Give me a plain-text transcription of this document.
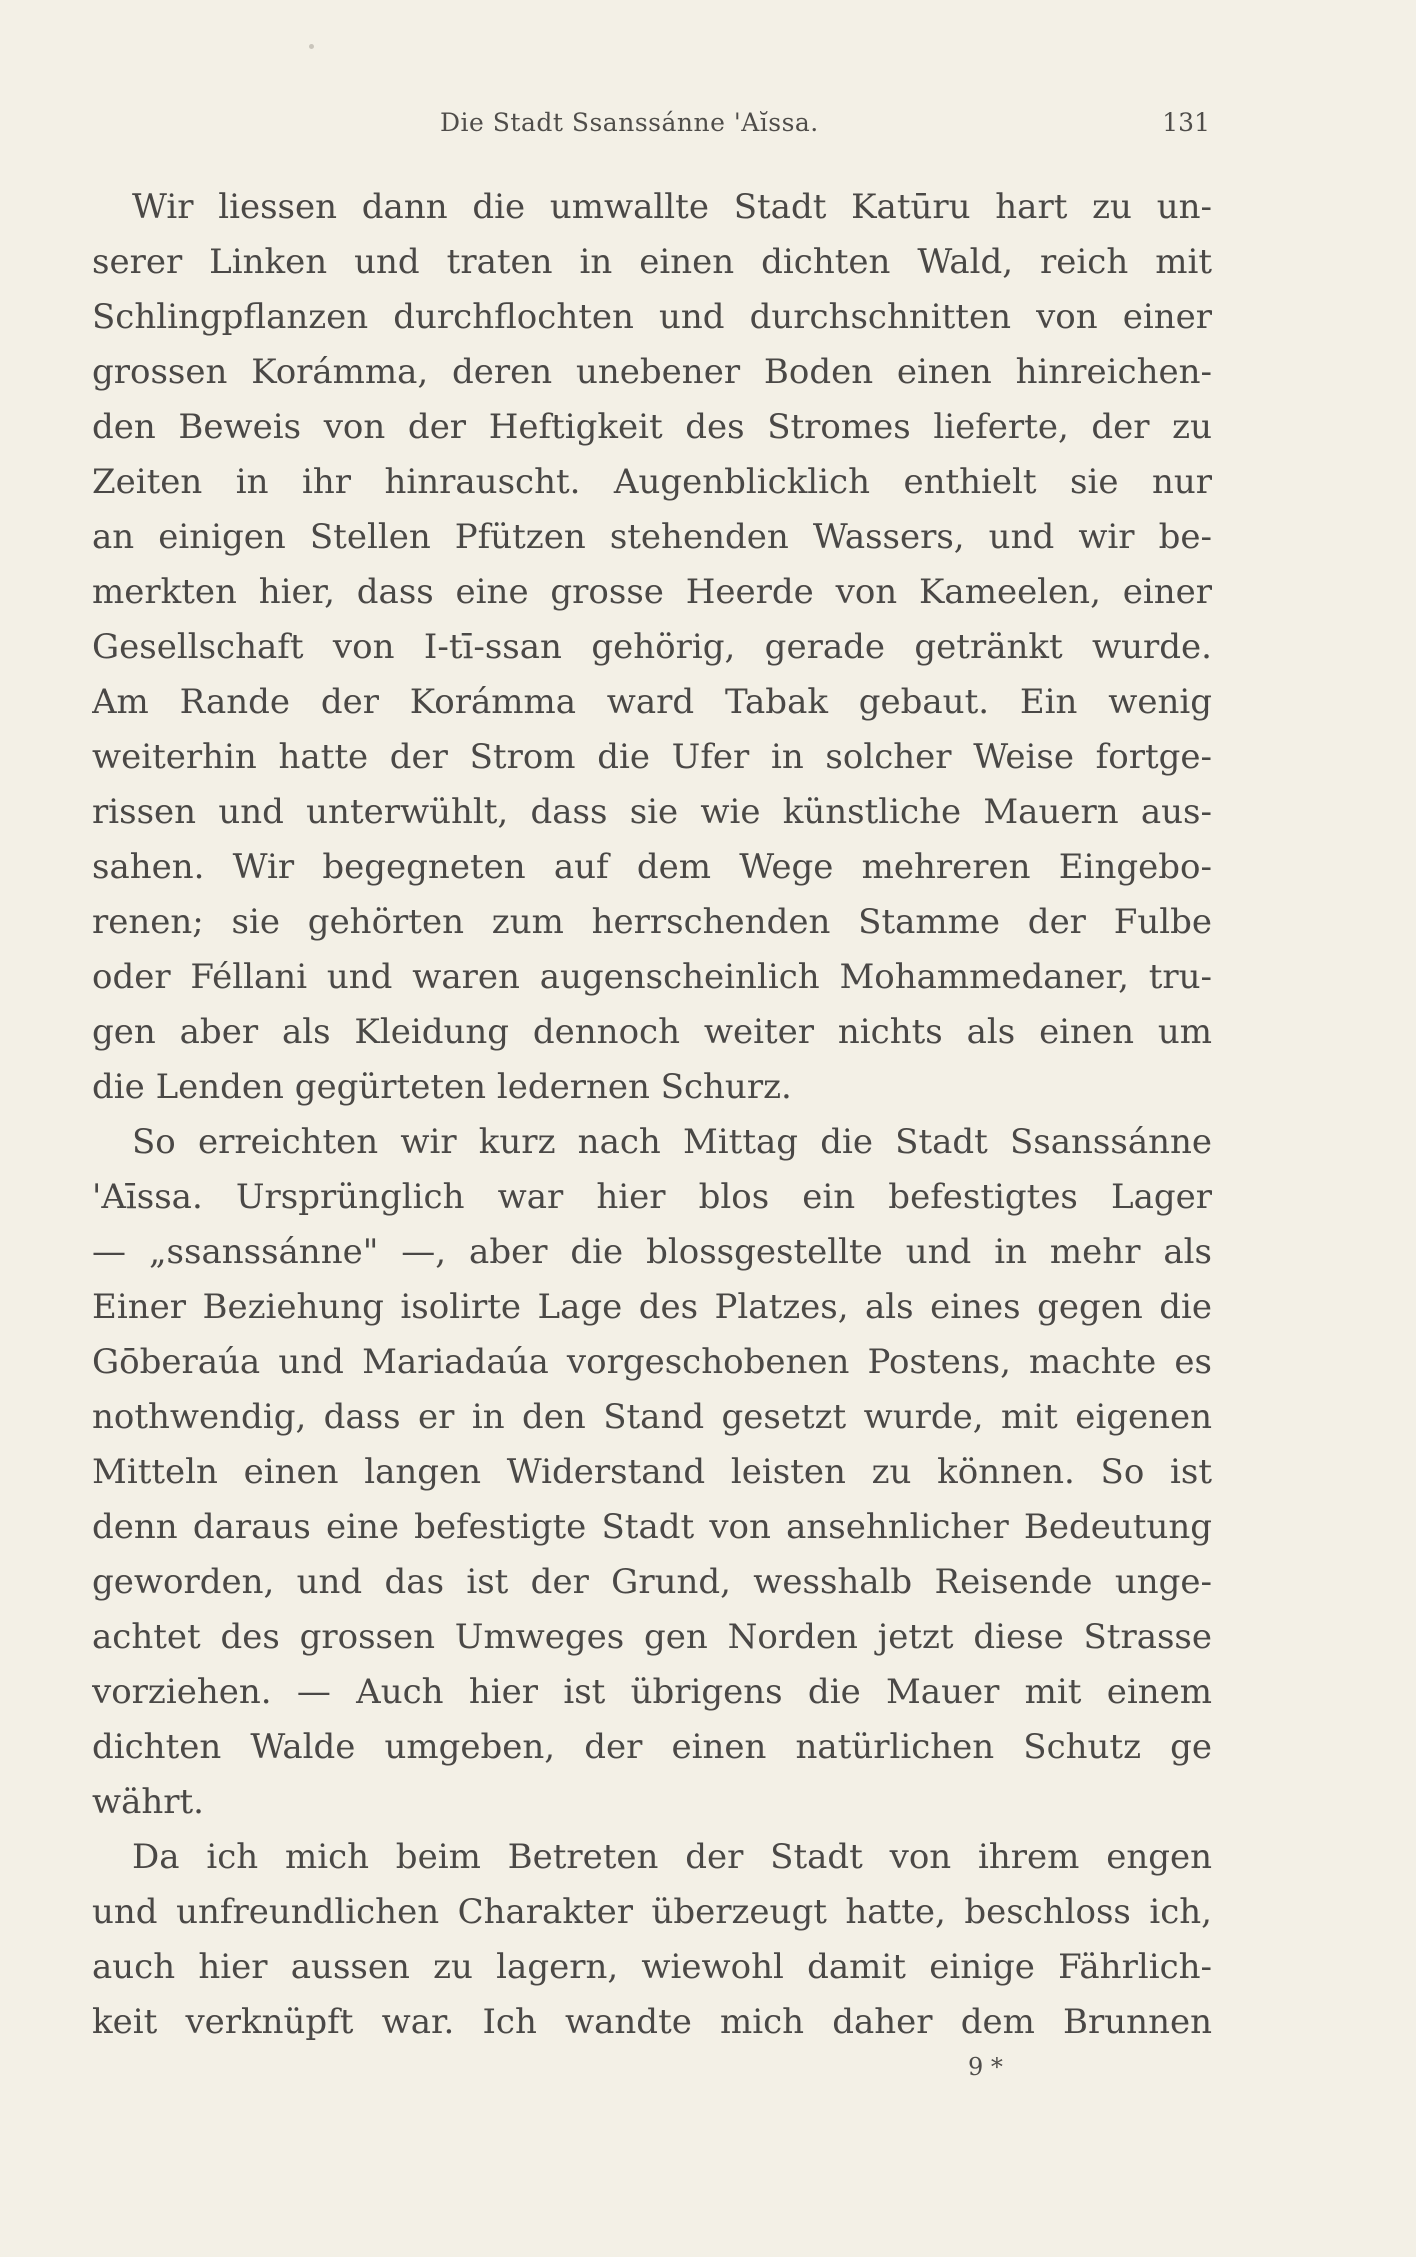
Die Stadt Ssanssánne 'Aĭssa.	131
Wir liessen dann die umwallte Stadt Katūru hart zu un-
serer Linken und traten in einen dichten Wald, reich mit
Schlingpflanzen durchflochten und durchschnitten von einer
grossen Korámma, deren unebener Boden einen hinreichen-
den Beweis von der Heftigkeit des Stromes lieferte, der zu
Zeiten in ihr hinrauscht. Augenblicklich enthielt sie nur
an einigen Stellen Pfützen stehenden Wassers, und wir be-
merkten hier, dass eine grosse Heerde von Kameelen, einer
Gesellschaft von I-tī-ssan gehörig, gerade getränkt wurde.
Am Rande der Korámma ward Tabak gebaut. Ein wenig
weiterhin hatte der Strom die Ufer in solcher Weise fortge-
rissen und unterwühlt, dass sie wie künstliche Mauern aus-
sahen. Wir begegneten auf dem Wege mehreren Eingebo-
renen; sie gehörten zum herrschenden Stamme der Fulbe
oder Féllani und waren augenscheinlich Mohammedaner, tru-
gen aber als Kleidung dennoch weiter nichts als einen um
die Lenden gegürteten ledernen Schurz.
So erreichten wir kurz nach Mittag die Stadt Ssanssánne
'Aīssa. Ursprünglich war hier blos ein befestigtes Lager
— „ssanssánne" —, aber die blossgestellte und in mehr als
Einer Beziehung isolirte Lage des Platzes, als eines gegen die
Gōberaúa und Mariadaúa vorgeschobenen Postens, machte es
nothwendig, dass er in den Stand gesetzt wurde, mit eigenen
Mitteln einen langen Widerstand leisten zu können. So ist
denn daraus eine befestigte Stadt von ansehnlicher Bedeutung
geworden, und das ist der Grund, wesshalb Reisende unge-
achtet des grossen Umweges gen Norden jetzt diese Strasse
vorziehen. — Auch hier ist übrigens die Mauer mit einem
dichten Walde umgeben, der einen natürlichen Schutz ge
währt.
Da ich mich beim Betreten der Stadt von ihrem engen
und unfreundlichen Charakter überzeugt hatte, beschloss ich,
auch hier aussen zu lagern, wiewohl damit einige Fährlich-
keit verknüpft war. Ich wandte mich daher dem Brunnen
9 *
